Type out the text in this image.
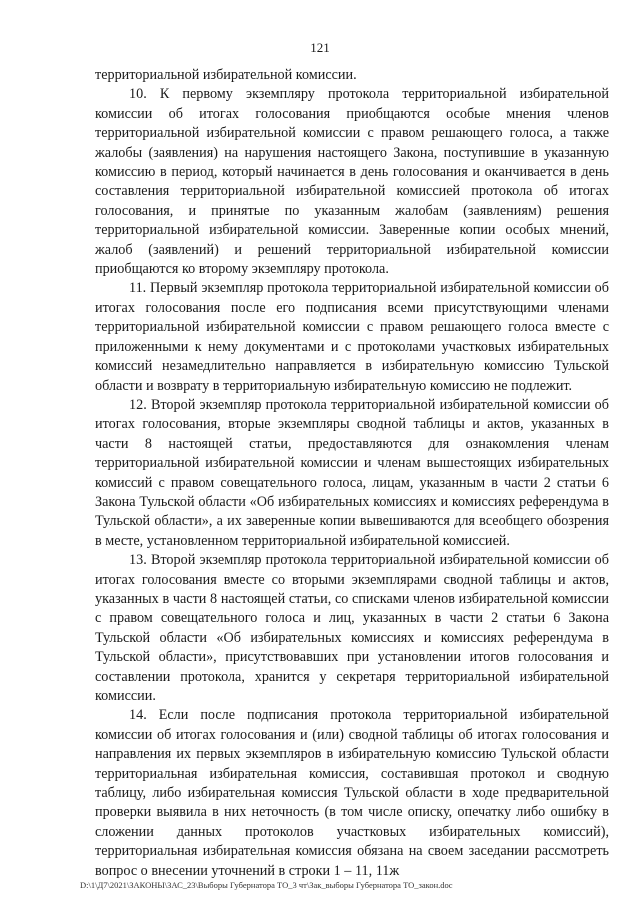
121

территориальной избирательной комиссии.

10. К первому экземпляру протокола территориальной избирательной комиссии об итогах голосования приобщаются особые мнения членов территориальной избирательной комиссии с правом решающего голоса, а также жалобы (заявления) на нарушения настоящего Закона, поступившие в указанную комиссию в период, который начинается в день голосования и оканчивается в день составления территориальной избирательной комиссией протокола об итогах голосования, и принятые по указанным жалобам (заявлениям) решения территориальной избирательной комиссии. Заверенные копии особых мнений, жалоб (заявлений) и решений территориальной избирательной комиссии приобщаются ко второму экземпляру протокола.

11. Первый экземпляр протокола территориальной избирательной комиссии об итогах голосования после его подписания всеми присутствующими членами территориальной избирательной комиссии с правом решающего голоса вместе с приложенными к нему документами и с протоколами участковых избирательных комиссий незамедлительно направляется в избирательную комиссию Тульской области и возврату в территориальную избирательную комиссию не подлежит.

12. Второй экземпляр протокола территориальной избирательной комиссии об итогах голосования, вторые экземпляры сводной таблицы и актов, указанных в части 8 настоящей статьи, предоставляются для ознакомления членам территориальной избирательной комиссии и членам вышестоящих избирательных комиссий с правом совещательного голоса, лицам, указанным в части 2 статьи 6 Закона Тульской области «Об избирательных комиссиях и комиссиях референдума в Тульской области», а их заверенные копии вывешиваются для всеобщего обозрения в месте, установленном территориальной избирательной комиссией.

13. Второй экземпляр протокола территориальной избирательной комиссии об итогах голосования вместе со вторыми экземплярами сводной таблицы и актов, указанных в части 8 настоящей статьи, со списками членов избирательной комиссии с правом совещательного голоса и лиц, указанных в части 2 статьи 6 Закона Тульской области «Об избирательных комиссиях и комиссиях референдума в Тульской области», присутствовавших при установлении итогов голосования и составлении протокола, хранится у секретаря территориальной избирательной комиссии.

14. Если после подписания протокола территориальной избирательной комиссии об итогах голосования и (или) сводной таблицы об итогах голосования и направления их первых экземпляров в избирательную комиссию Тульской области территориальная избирательная комиссия, составившая протокол и сводную таблицу, либо избирательная комиссия Тульской области в ходе предварительной проверки выявила в них неточность (в том числе описку, опечатку либо ошибку в сложении данных протоколов участковых избирательных комиссий), территориальная избирательная комиссия обязана на своем заседании рассмотреть вопрос о внесении уточнений в строки 1 – 11, 11ж

D:\1\Д7\2021\ЗАКОНЫ\ЗАС_23\Выборы Губернатора ТО_3 чт\Зак_выборы Губернатора ТО_закон.doc
